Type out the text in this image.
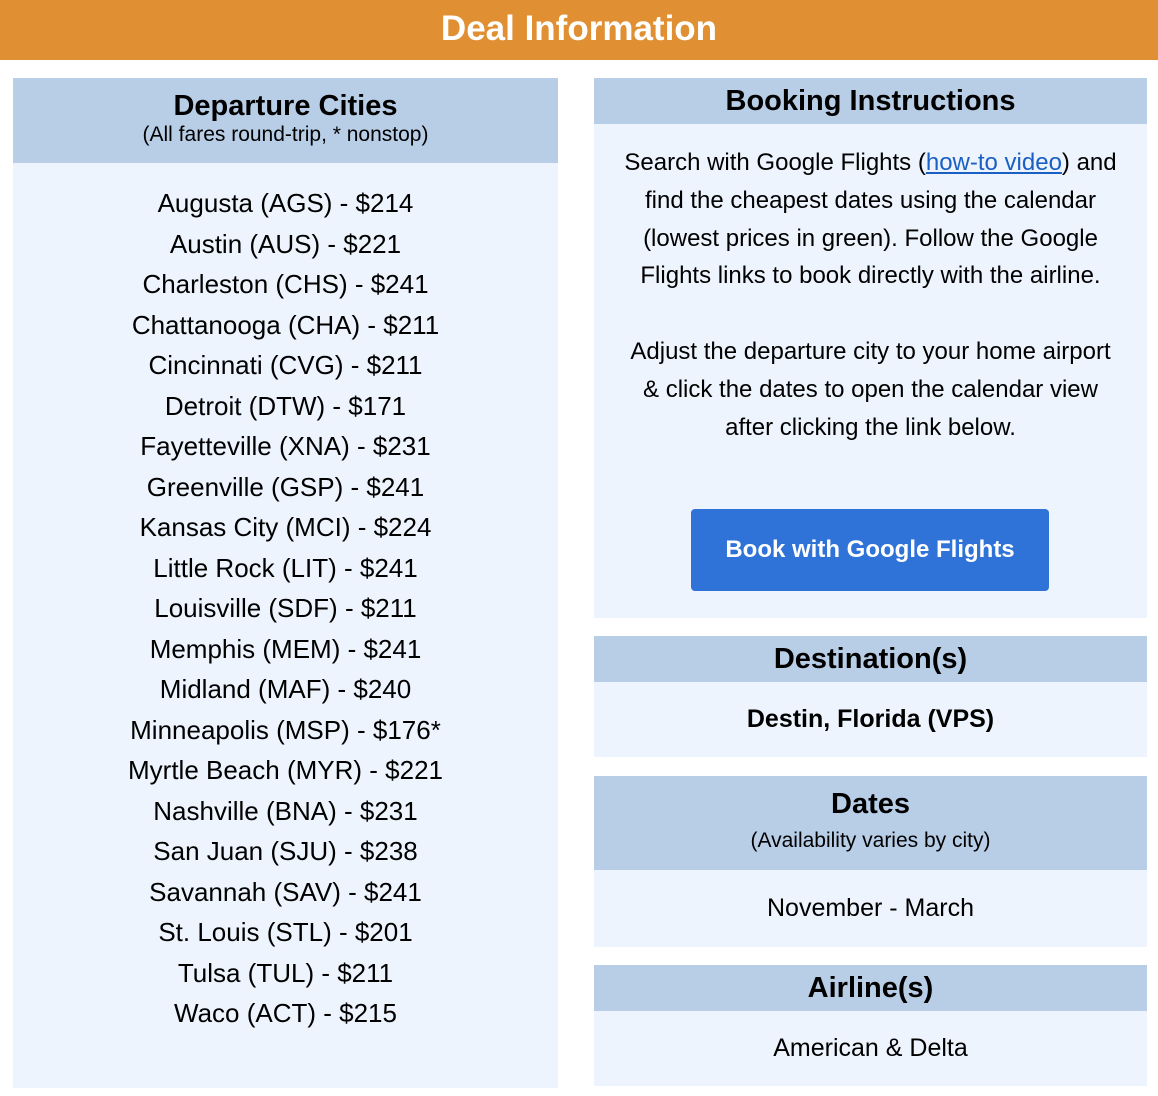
Deal Information
Departure Cities
(All fares round-trip, * nonstop)
Augusta (AGS) - $214
Austin (AUS) - $221
Charleston (CHS) - $241
Chattanooga (CHA) - $211
Cincinnati (CVG) - $211
Detroit (DTW) - $171
Fayetteville (XNA) - $231
Greenville (GSP) - $241
Kansas City (MCI) - $224
Little Rock (LIT) - $241
Louisville (SDF) - $211
Memphis (MEM) - $241
Midland (MAF) - $240
Minneapolis (MSP) - $176*
Myrtle Beach (MYR) - $221
Nashville (BNA) - $231
San Juan (SJU) - $238
Savannah (SAV) - $241
St. Louis (STL) - $201
Tulsa (TUL) - $211
Waco (ACT) - $215
Booking Instructions

Search with Google Flights (how-to video) and find the cheapest dates using the calendar (lowest prices in green). Follow the Google Flights links to book directly with the airline.

Adjust the departure city to your home airport & click the dates to open the calendar view after clicking the link below.

Book with Google Flights
Destination(s)
Destin, Florida (VPS)
Dates
(Availability varies by city)
November - March
Airline(s)
American & Delta
